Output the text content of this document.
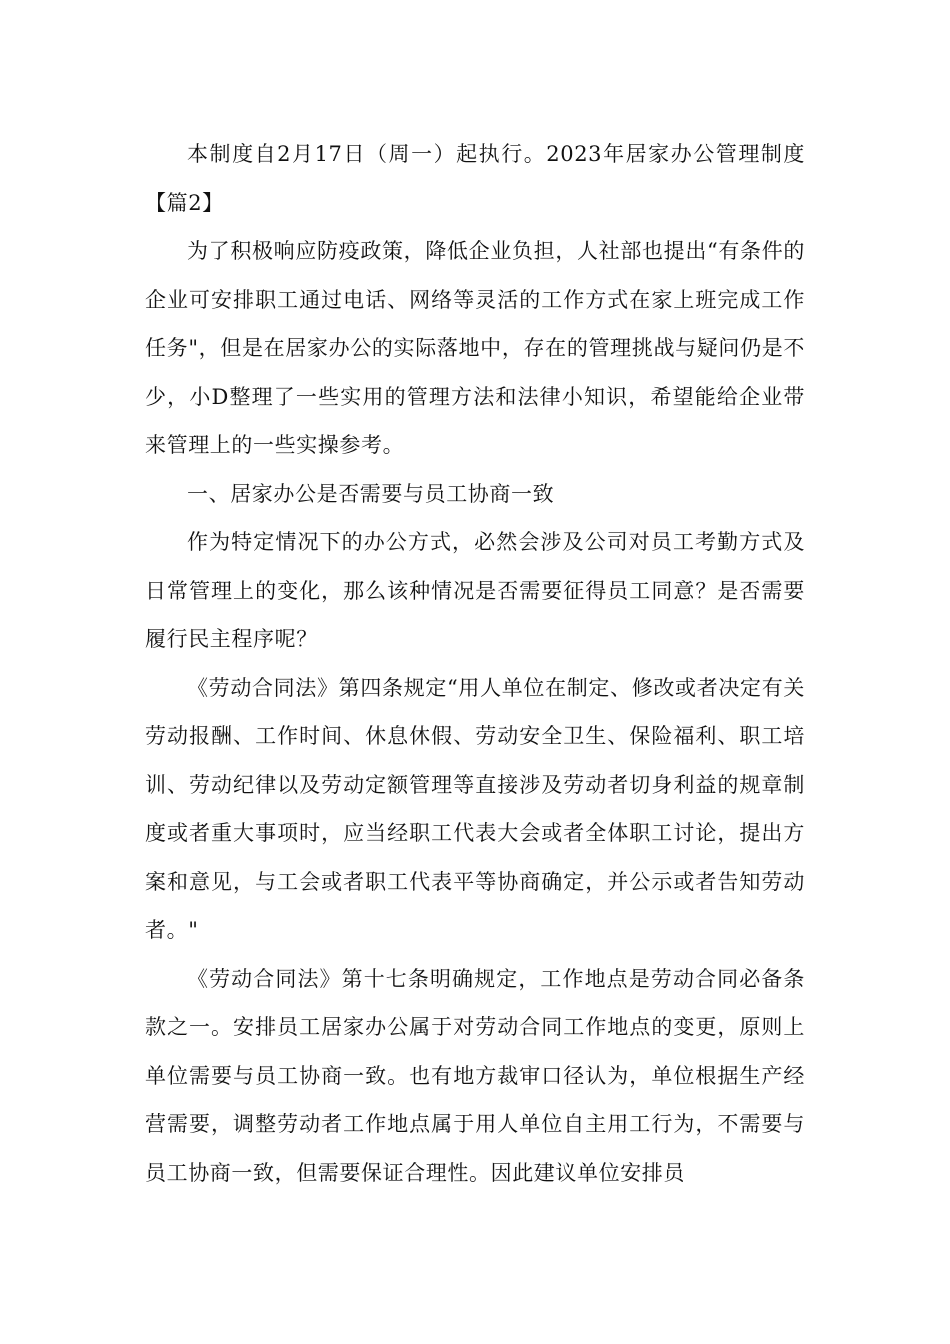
本制度自2月17日（周一）起执行。2023年居家办公管理制度【篇2】

为了积极响应防疫政策，降低企业负担，人社部也提出“有条件的企业可安排职工通过电话、网络等灵活的工作方式在家上班完成工作任务"，但是在居家办公的实际落地中，存在的管理挑战与疑问仍是不少，小D整理了一些实用的管理方法和法律小知识，希望能给企业带来管理上的一些实操参考。

一、居家办公是否需要与员工协商一致

作为特定情况下的办公方式，必然会涉及公司对员工考勤方式及日常管理上的变化，那么该种情况是否需要征得员工同意？是否需要履行民主程序呢？

《劳动合同法》第四条规定“用人单位在制定、修改或者决定有关劳动报酬、工作时间、休息休假、劳动安全卫生、保险福利、职工培训、劳动纪律以及劳动定额管理等直接涉及劳动者切身利益的规章制度或者重大事项时，应当经职工代表大会或者全体职工讨论，提出方案和意见，与工会或者职工代表平等协商确定，并公示或者告知劳动者。"

《劳动合同法》第十七条明确规定，工作地点是劳动合同必备条款之一。安排员工居家办公属于对劳动合同工作地点的变更，原则上单位需要与员工协商一致。也有地方裁审口径认为，单位根据生产经营需要，调整劳动者工作地点属于用人单位自主用工行为，不需要与员工协商一致，但需要保证合理性。因此建议单位安排员
